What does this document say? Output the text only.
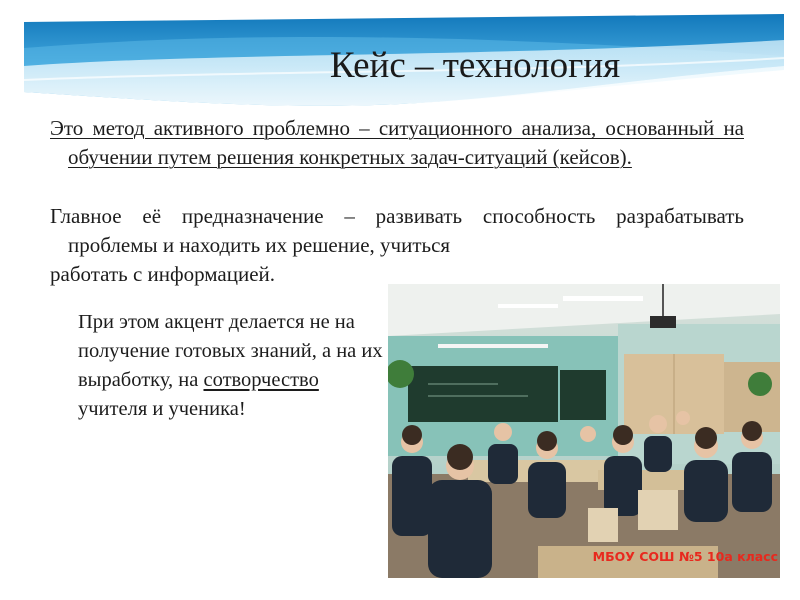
Кейс – технология

Это метод активного проблемно – ситуационного анализа, основанный на обучении путем решения конкретных задач-ситуаций (кейсов).

Главное её предназначение – развивать способность разрабатывать проблемы и находить их решение, учиться
работать с информацией.

При этом акцент делается не на получение готовых знаний, а на их выработку, на сотворчество учителя и ученика!

МБОУ СОШ №5 10а класс
